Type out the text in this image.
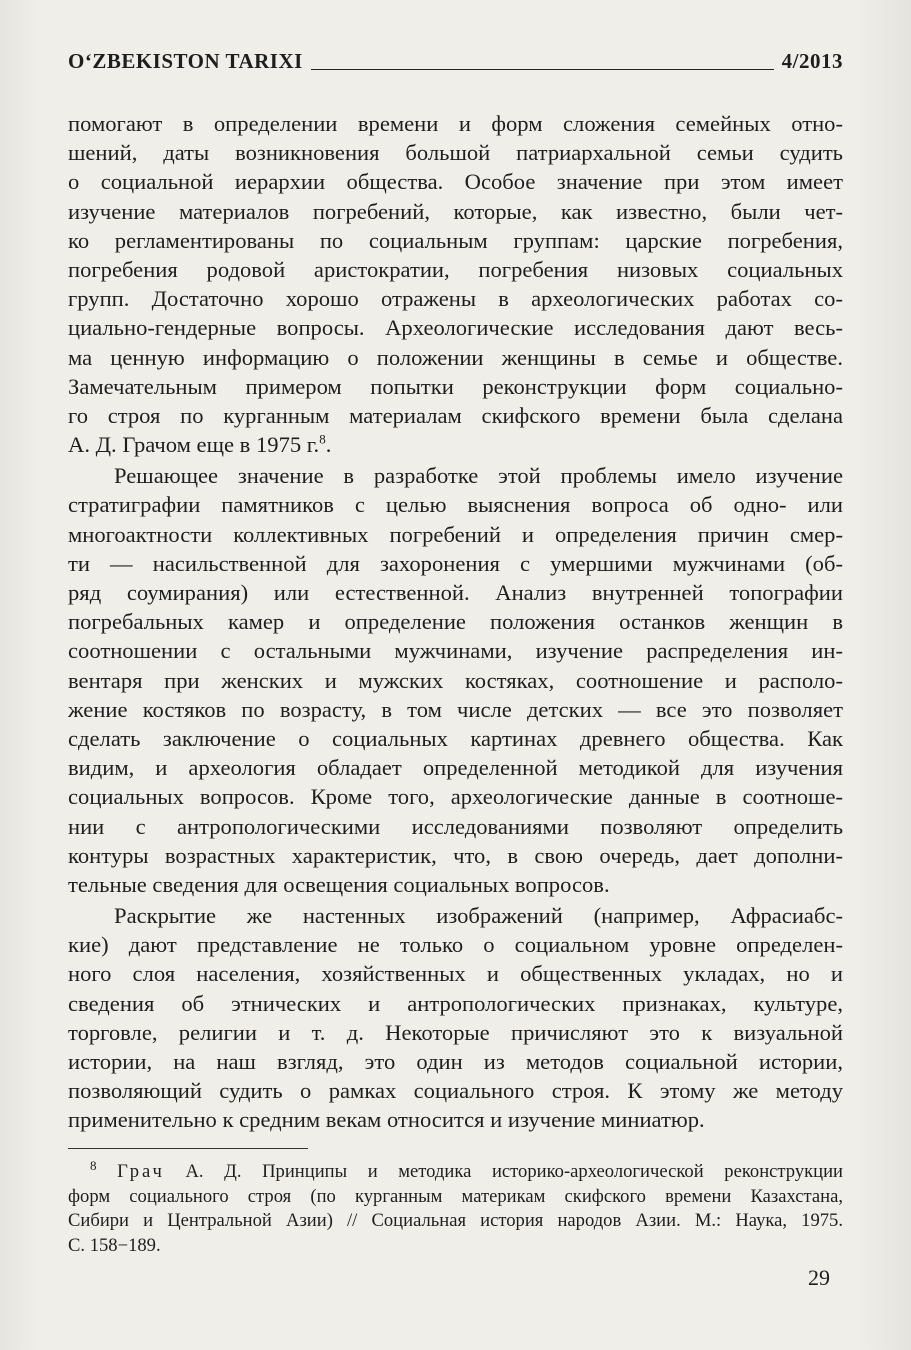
O‘ZBEKISTON TARIXI	4/2013
помогают в определении времени и форм сложения семейных отно-
шений, даты возникновения большой патриархальной семьи судить
о социальной иерархии общества. Особое значение при этом имеет
изучение материалов погребений, которые, как известно, были чет-
ко регламентированы по социальным группам: царские погребения,
погребения родовой аристократии, погребения низовых социальных
групп. Достаточно хорошо отражены в археологических работах со-
циально-гендерные вопросы. Археологические исследования дают весь-
ма ценную информацию о положении женщины в семье и обществе.
Замечательным примером попытки реконструкции форм социально-
го строя по курганным материалам скифского времени была сделана
А. Д. Грачом еще в 1975 г.$^8$.
Решающее значение в разработке этой проблемы имело изучение
стратиграфии памятников с целью выяснения вопроса об одно- или
многоактности коллективных погребений и определения причин смер-
ти — насильственной для захоронения с умершими мужчинами (об-
ряд соумирания) или естественной. Анализ внутренней топографии
погребальных камер и определение положения останков женщин в
соотношении с остальными мужчинами, изучение распределения ин-
вентаря при женских и мужских костяках, соотношение и располо-
жение костяков по возрасту, в том числе детских — все это позволяет
сделать заключение о социальных картинах древнего общества. Как
видим, и археология обладает определенной методикой для изучения
социальных вопросов. Кроме того, археологические данные в соотноше-
нии с антропологическими исследованиями позволяют определить
контуры возрастных характеристик, что, в свою очередь, дает дополни-
тельные сведения для освещения социальных вопросов.
Раскрытие же настенных изображений (например, Афрасиабс-
кие) дают представление не только о социальном уровне определен-
ного слоя населения, хозяйственных и общественных укладах, но и
сведения об этнических и антропологических признаках, культуре,
торговле, религии и т. д. Некоторые причисляют это к визуальной
истории, на наш взгляд, это один из методов социальной истории,
позволяющий судить о рамках социального строя. К этому же методу
применительно к средним векам относится и изучение миниатюр.
$^8$ Грач А. Д. Принципы и методика историко-археологической реконструкции
форм социального строя (по курганным материкам скифского времени Казахстана,
Сибири и Центральной Азии) // Социальная история народов Азии. М.: Наука, 1975.
С. 158−189.
29
